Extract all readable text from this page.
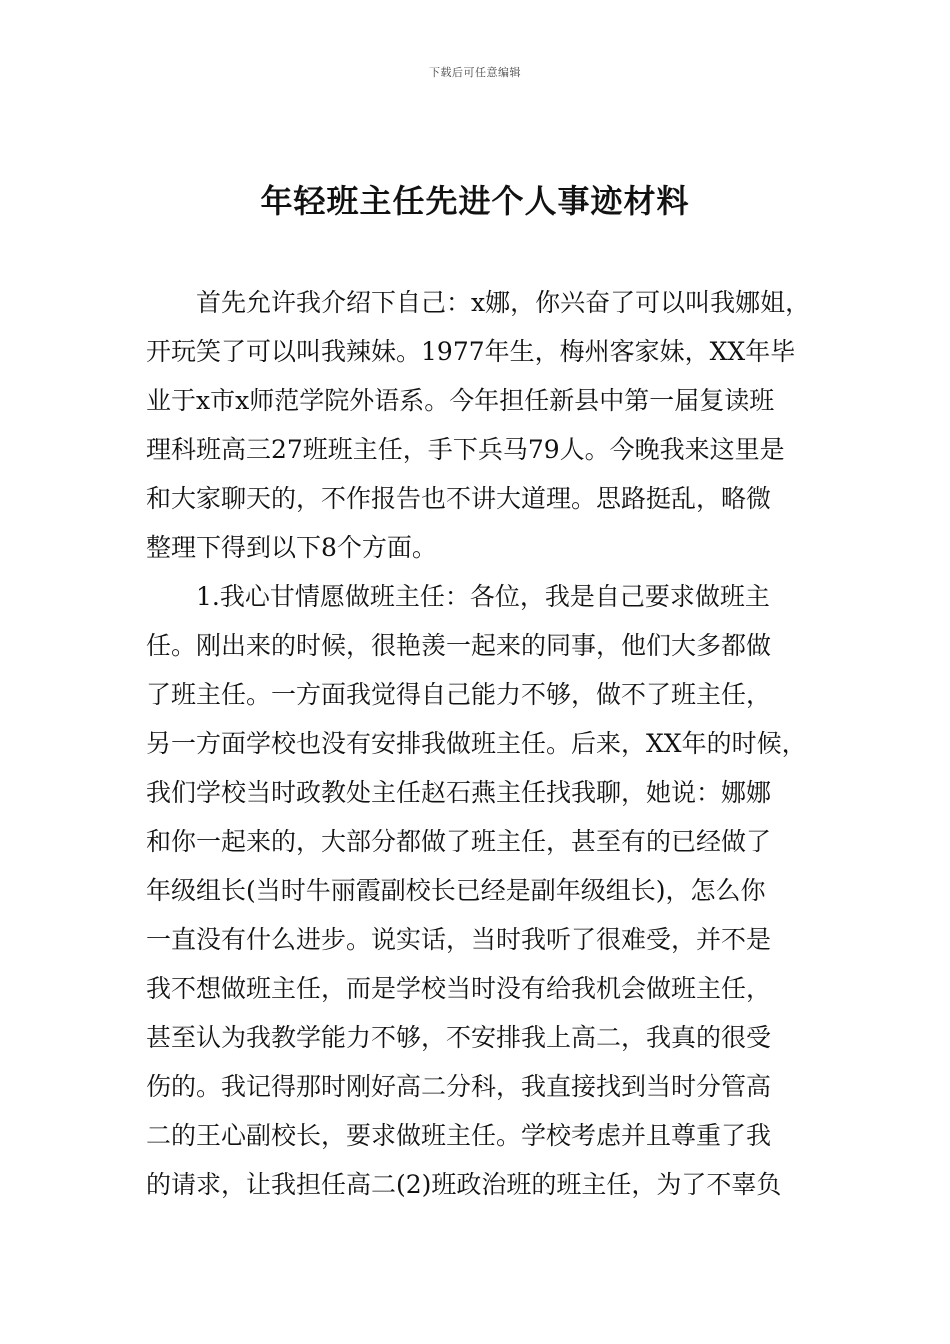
下载后可任意编辑
年轻班主任先进个人事迹材料
　　首先允许我介绍下自己：x娜，你兴奋了可以叫我娜姐，
开玩笑了可以叫我辣妹。1977年生，梅州客家妹，XX年毕
业于x市x师范学院外语系。今年担任新县中第一届复读班
理科班高三27班班主任，手下兵马79人。今晚我来这里是
和大家聊天的，不作报告也不讲大道理。思路挺乱，略微
整理下得到以下8个方面。
　　1.我心甘情愿做班主任：各位，我是自己要求做班主
任。刚出来的时候，很艳羡一起来的同事，他们大多都做
了班主任。一方面我觉得自己能力不够，做不了班主任，
另一方面学校也没有安排我做班主任。后来，XX年的时候，
我们学校当时政教处主任赵石燕主任找我聊，她说：娜娜
和你一起来的，大部分都做了班主任，甚至有的已经做了
年级组长(当时牛丽霞副校长已经是副年级组长)，怎么你
一直没有什么进步。说实话，当时我听了很难受，并不是
我不想做班主任，而是学校当时没有给我机会做班主任，
甚至认为我教学能力不够，不安排我上高二，我真的很受
伤的。我记得那时刚好高二分科，我直接找到当时分管高
二的王心副校长，要求做班主任。学校考虑并且尊重了我
的请求，让我担任高二(2)班政治班的班主任，为了不辜负
